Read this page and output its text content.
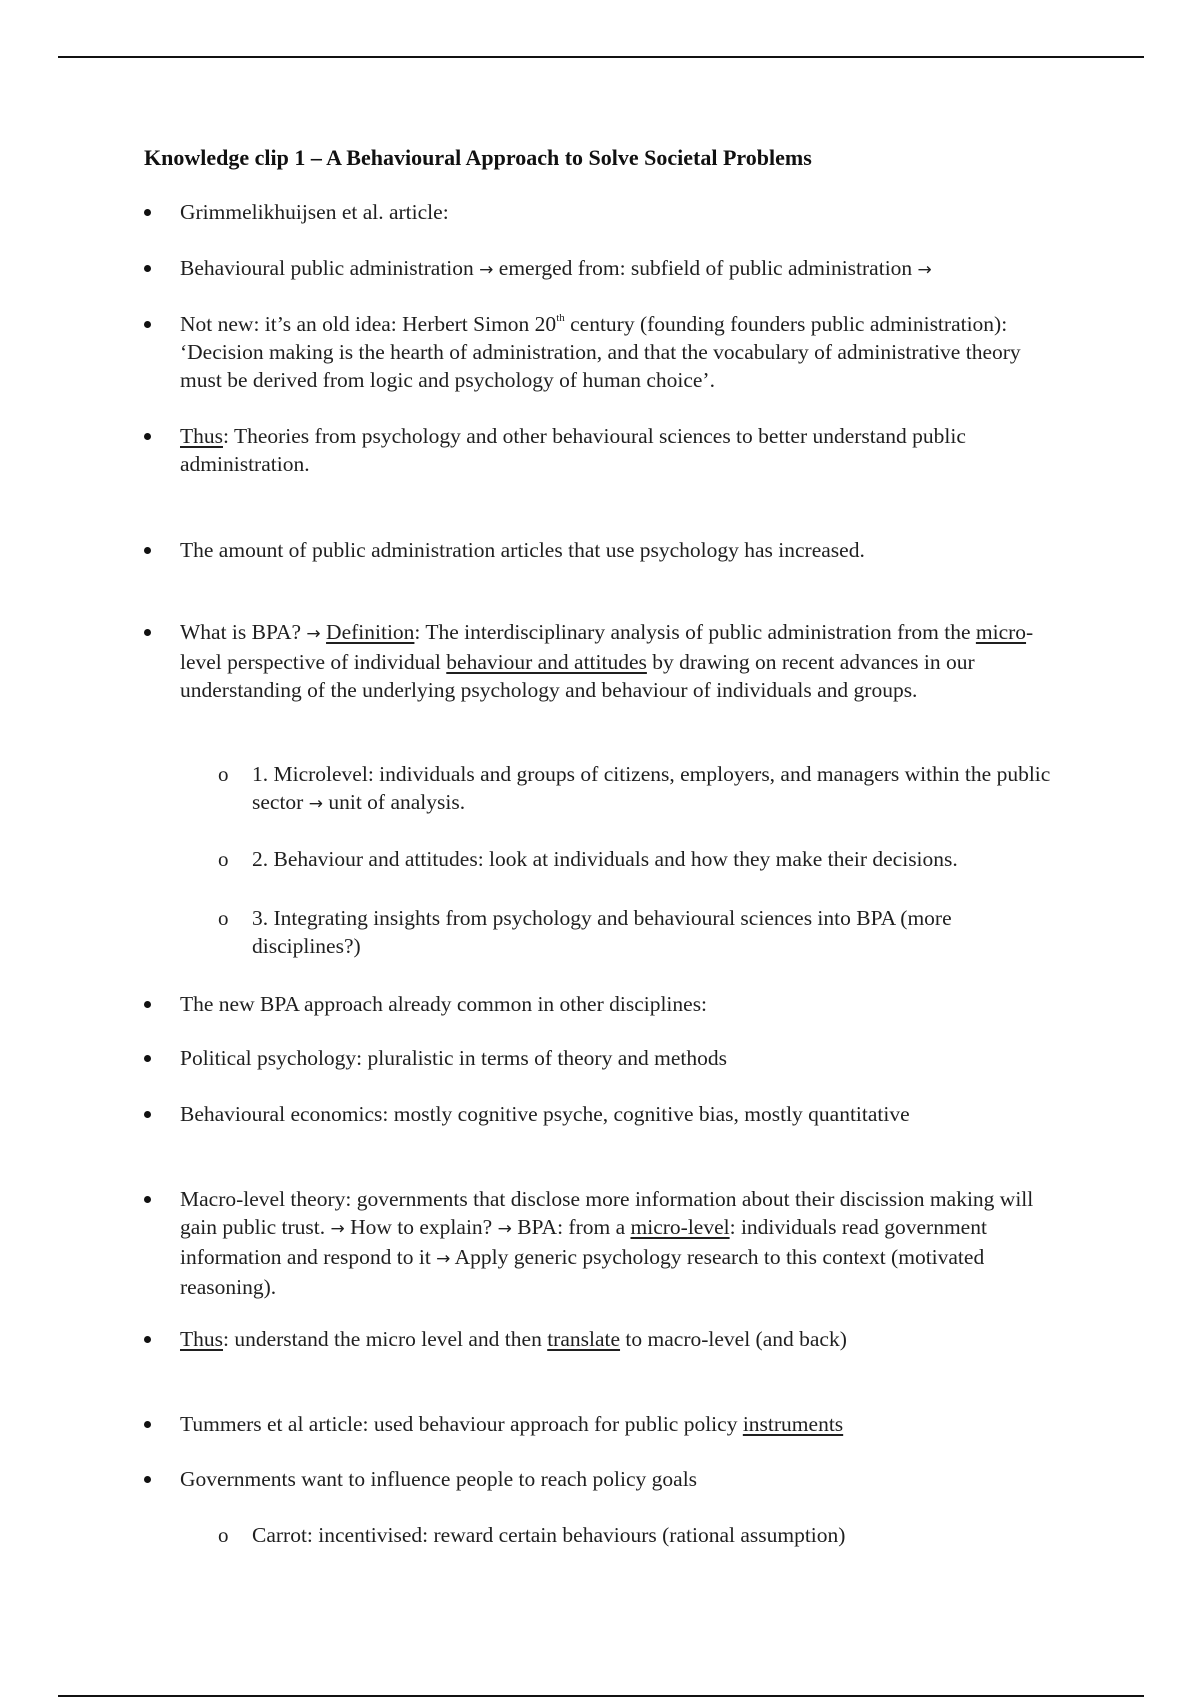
Knowledge clip 1 – A Behavioural Approach to Solve Societal Problems
Grimmelikhuijsen et al. article:
Behavioural public administration → emerged from: subfield of public administration →
Not new: it’s an old idea: Herbert Simon 20th century (founding founders public administration): ‘Decision making is the hearth of administration, and that the vocabulary of administrative theory must be derived from logic and psychology of human choice’.
Thus: Theories from psychology and other behavioural sciences to better understand public administration.
The amount of public administration articles that use psychology has increased.
What is BPA? → Definition: The interdisciplinary analysis of public administration from the micro-level perspective of individual behaviour and attitudes by drawing on recent advances in our understanding of the underlying psychology and behaviour of individuals and groups.
o 1. Microlevel: individuals and groups of citizens, employers, and managers within the public sector → unit of analysis.
o 2. Behaviour and attitudes: look at individuals and how they make their decisions.
o 3. Integrating insights from psychology and behavioural sciences into BPA (more disciplines?)
The new BPA approach already common in other disciplines:
Political psychology: pluralistic in terms of theory and methods
Behavioural economics: mostly cognitive psyche, cognitive bias, mostly quantitative
Macro-level theory: governments that disclose more information about their discission making will gain public trust. → How to explain? → BPA: from a micro-level: individuals read government information and respond to it → Apply generic psychology research to this context (motivated reasoning).
Thus: understand the micro level and then translate to macro-level (and back)
Tummers et al article: used behaviour approach for public policy instruments
Governments want to influence people to reach policy goals
o Carrot: incentivised: reward certain behaviours (rational assumption)
